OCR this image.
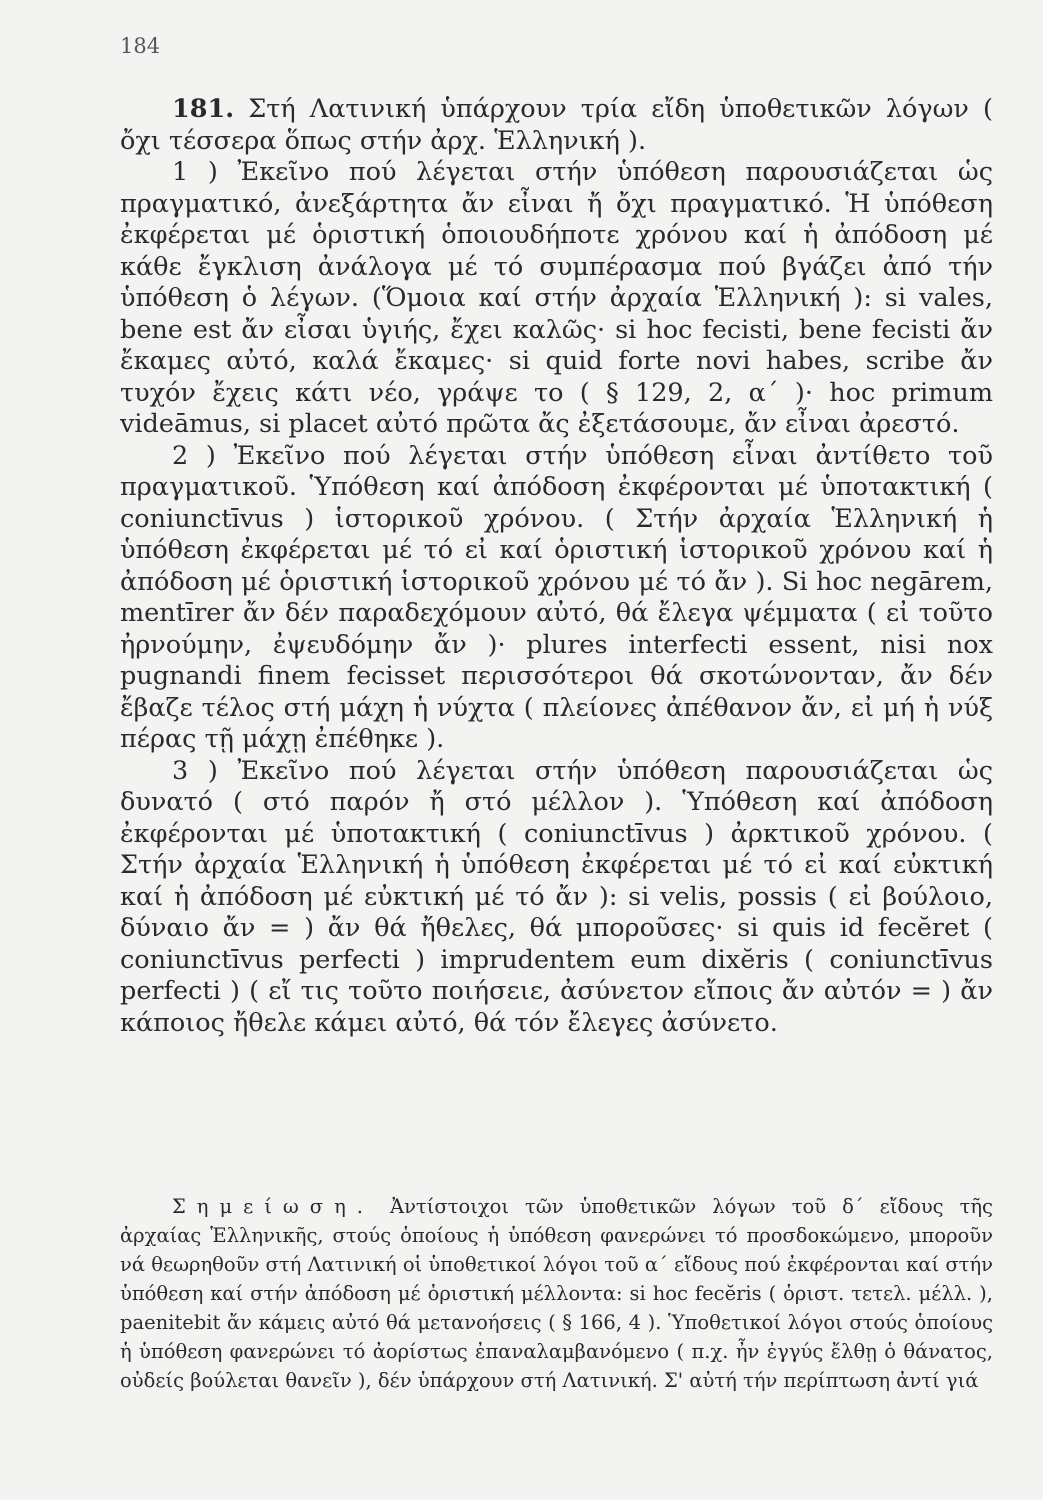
184

181. Στή Λατινική ὑπάρχουν τρία εἴδη ὑποθετικῶν λόγων ( ὄχι τέσσερα ὅπως στήν ἀρχ. Ἑλληνική ).

1 ) Ἐκεῖνο πού λέγεται στήν ὑπόθεση παρουσιάζεται ὡς πραγματικό, ἀνεξάρτητα ἄν εἶναι ἤ ὄχι πραγματικό. Ἡ ὑπόθεση ἐκφέρεται μέ ὁριστική ὁποιουδήποτε χρόνου καί ἡ ἀπόδοση μέ κάθε ἔγκλιση ἀνάλογα μέ τό συμπέρασμα πού βγάζει ἀπό τήν ὑπόθεση ὁ λέγων. (Ὅμοια καί στήν ἀρχαία Ἑλληνική ): si vales, bene est ἄν εἶσαι ὑγιής, ἔχει καλῶς· si hoc fecisti, bene fecisti ἄν ἔκαμες αὐτό, καλά ἔκαμες· si quid forte novi habes, scribe ἄν τυχόν ἔχεις κάτι νέο, γράψε το ( § 129, 2, α΄ )· hoc primum videāmus, si placet αὐτό πρῶτα ἄς ἐξετάσουμε, ἄν εἶναι ἀρεστό.

2 ) Ἐκεῖνο πού λέγεται στήν ὑπόθεση εἶναι ἀντίθετο τοῦ πραγματικοῦ. Ὑπόθεση καί ἀπόδοση ἐκφέρονται μέ ὑποτακτική ( coniunctīvus ) ἱστορικοῦ χρόνου. ( Στήν ἀρχαία Ἑλληνική ἡ ὑπόθεση ἐκφέρεται μέ τό εἰ καί ὁριστική ἱστορικοῦ χρόνου καί ἡ ἀπόδοση μέ ὁριστική ἱστορικοῦ χρόνου μέ τό ἄν ). Si hoc negārem, mentīrer ἄν δέν παραδεχόμουν αὐτό, θά ἔλεγα ψέμματα ( εἰ τοῦτο ἠρνούμην, ἐψευδόμην ἄν )· plures interfecti essent, nisi nox pugnandi finem fecisset περισσότεροι θά σκοτώνονταν, ἄν δέν ἔβαζε τέλος στή μάχη ἡ νύχτα ( πλείονες ἀπέθανον ἄν, εἰ μή ἡ νύξ πέρας τῇ μάχῃ ἐπέθηκε ).

3 ) Ἐκεῖνο πού λέγεται στήν ὑπόθεση παρουσιάζεται ὡς δυνατό ( στό παρόν ἤ στό μέλλον ). Ὑπόθεση καί ἀπόδοση ἐκφέρονται μέ ὑποτακτική ( coniunctīvus ) ἀρκτικοῦ χρόνου. ( Στήν ἀρχαία Ἑλληνική ἡ ὑπόθεση ἐκφέρεται μέ τό εἰ καί εὐκτική καί ἡ ἀπόδοση μέ εὐκτική μέ τό ἄν ): si velis, possis ( εἰ βούλοιο, δύναιο ἄν = ) ἄν θά ἤθελες, θά μποροῦσες· si quis id fecĕret ( coniunctīvus perfecti ) imprudentem eum dixĕris ( coniunctīvus perfecti ) ( εἴ τις τοῦτο ποιήσειε, ἀσύνετον εἴποις ἄν αὐτόν = ) ἄν κάποιος ἤθελε κάμει αὐτό, θά τόν ἔλεγες ἀσύνετο.

Σημείωση. Ἀντίστοιχοι τῶν ὑποθετικῶν λόγων τοῦ δ΄ εἴδους τῆς ἀρχαίας Ἑλληνικῆς, στούς ὁποίους ἡ ὑπόθεση φανερώνει τό προσδοκώμενο, μποροῦν νά θεωρηθοῦν στή Λατινική οἱ ὑποθετικοί λόγοι τοῦ α΄ εἴδους πού ἐκφέρονται καί στήν ὑπόθεση καί στήν ἀπόδοση μέ ὁριστική μέλλοντα: si hoc fecĕris ( ὁριστ. τετελ. μέλλ. ), paenitebit ἄν κάμεις αὐτό θά μετανοήσεις ( § 166, 4 ). Ὑποθετικοί λόγοι στούς ὁποίους ἡ ὑπόθεση φανερώνει τό ἀορίστως ἐπαναλαμβανόμενο ( π.χ. ἦν ἐγγύς ἔλθῃ ὁ θάνατος, οὐδείς βούλεται θανεῖν ), δέν ὑπάρχουν στή Λατινική. Σ' αὐτή τήν περίπτωση ἀντί γιά
